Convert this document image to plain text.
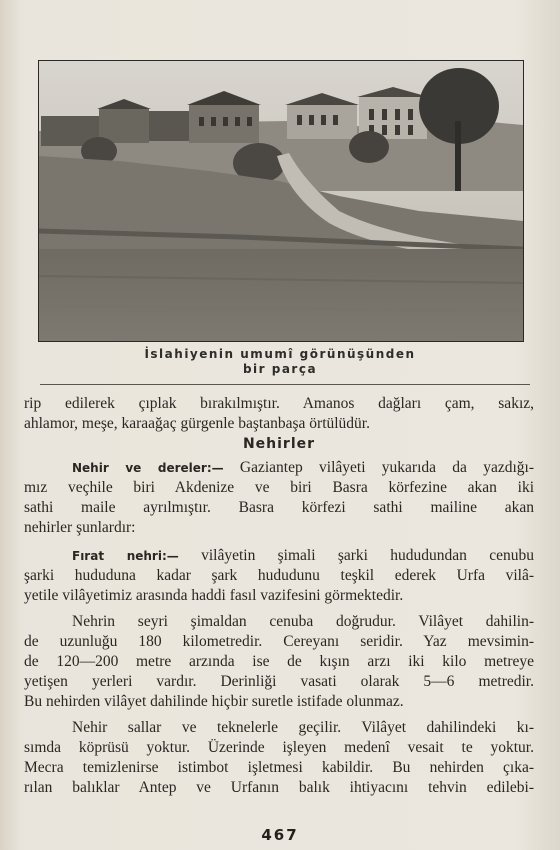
İslahiyenin umumî görünüşünden
bir parça
rip edilerek çıplak bırakılmıştır. Amanos dağları çam, sakız,
ahlamor, meşe, karaağaç gürgenle baştanbaşa örtülüdür.
Nehirler
Nehir ve dereler:— Gaziantep vilâyeti yukarıda da yazdığı-
mız veçhile biri Akdenize ve biri Basra körfezine akan iki
sathi maile ayrılmıştır. Basra körfezi sathi mailine akan
nehirler şunlardır:
Fırat nehri:— vilâyetin şimali şarki hududundan cenubu
şarki hududuna kadar şark hududunu teşkil ederek Urfa vilâ-
yetile vilâyetimiz arasında haddi fasıl vazifesini görmektedir.
Nehrin seyri şimaldan cenuba doğrudur. Vilâyet dahilin-
de uzunluğu 180 kilometredir. Cereyanı seridir. Yaz mevsimin-
de 120—200 metre arzında ise de kışın arzı iki kilo metreye
yetişen yerleri vardır. Derinliği vasati olarak 5—6 metredir.
Bu nehirden vilâyet dahilinde hiçbir suretle istifade olunmaz.
Nehir sallar ve teknelerle geçilir. Vilâyet dahilindeki kı-
sımda köprüsü yoktur. Üzerinde işleyen medenî vesait te yoktur.
Mecra temizlenirse istimbot işletmesi kabildir. Bu nehirden çıka-
rılan balıklar Antep ve Urfanın balık ihtiyacını tehvin edilebi-
467
